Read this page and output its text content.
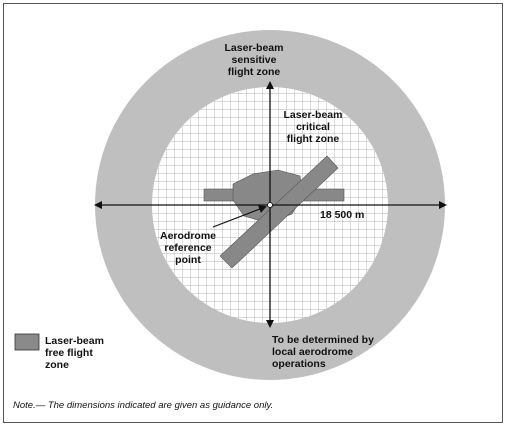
Laser-beam
sensitive
flight zone
Laser-beam
critical
flight zone
18 500 m
Aerodrome
reference
point
To be determined by
local aerodrome
operations
Laser-beam
free flight
zone
Note.— The dimensions indicated are given as guidance only.
